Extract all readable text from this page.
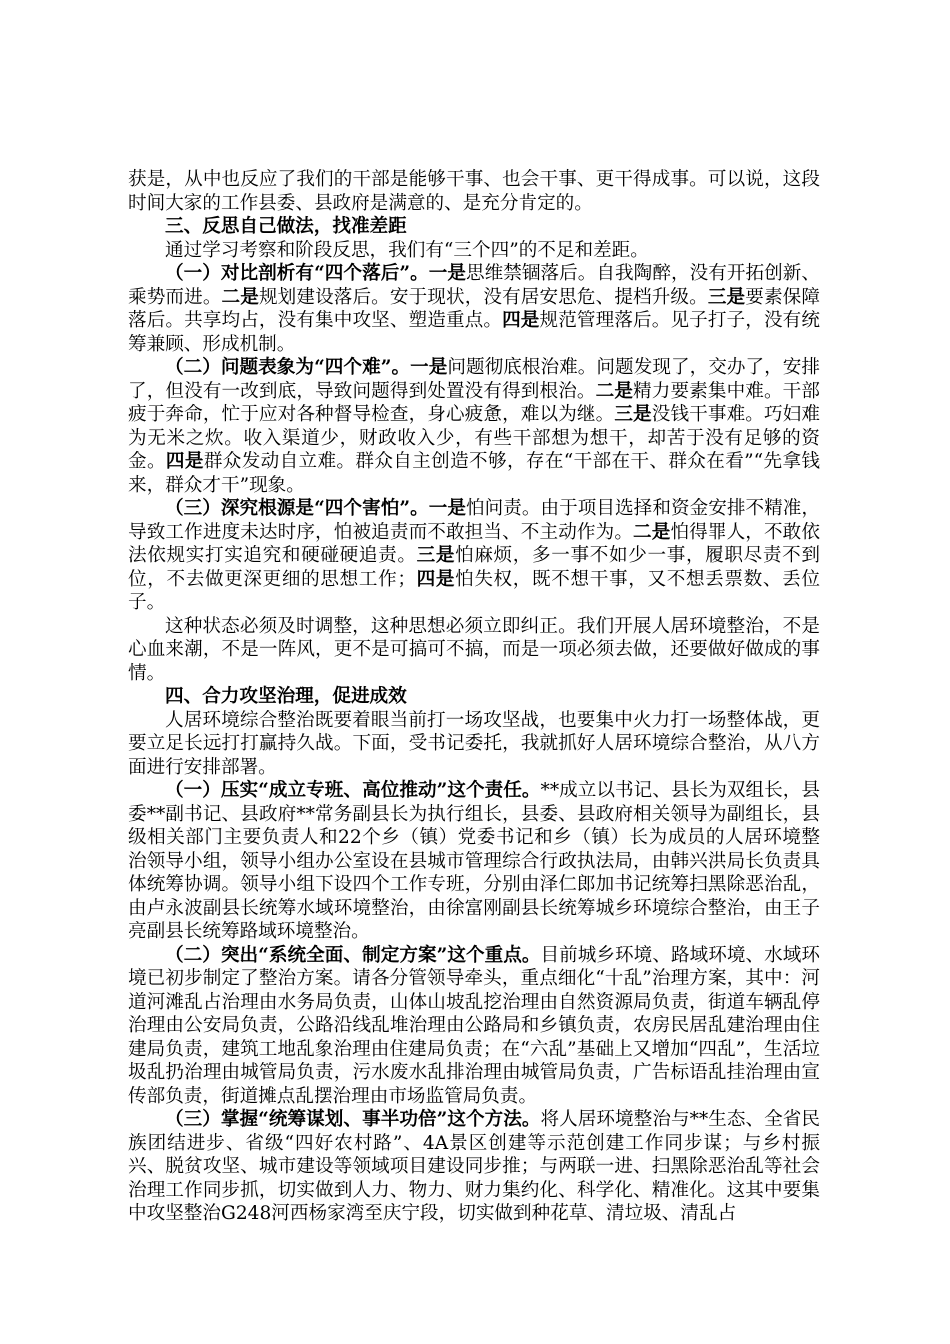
获是，从中也反应了我们的干部是能够干事、也会干事、更干得成事。可以说，这段时间大家的工作县委、县政府是满意的、是充分肯定的。

三、反思自己做法，找准差距

通过学习考察和阶段反思，我们有“三个四”的不足和差距。

（一）对比剖析有“四个落后”。一是思维禁锢落后。自我陶醉，没有开拓创新、乘势而进。二是规划建设落后。安于现状，没有居安思危、提档升级。三是要素保障落后。共享均占，没有集中攻坚、塑造重点。四是规范管理落后。见子打子，没有统筹兼顾、形成机制。

（二）问题表象为“四个难”。一是问题彻底根治难。问题发现了，交办了，安排了，但没有一改到底，导致问题得到处置没有得到根治。二是精力要素集中难。干部疲于奔命，忙于应对各种督导检查，身心疲惫，难以为继。三是没钱干事难。巧妇难为无米之炊。收入渠道少，财政收入少，有些干部想为想干，却苦于没有足够的资金。四是群众发动自立难。群众自主创造不够，存在“干部在干、群众在看”“先拿钱来，群众才干”现象。

（三）深究根源是“四个害怕”。一是怕问责。由于项目选择和资金安排不精准，导致工作进度未达时序，怕被追责而不敢担当、不主动作为。二是怕得罪人，不敢依法依规实打实追究和硬碰硬追责。三是怕麻烦，多一事不如少一事，履职尽责不到位，不去做更深更细的思想工作；四是怕失权，既不想干事，又不想丢票数、丢位子。

这种状态必须及时调整，这种思想必须立即纠正。我们开展人居环境整治，不是心血来潮，不是一阵风，更不是可搞可不搞，而是一项必须去做，还要做好做成的事情。

四、合力攻坚治理，促进成效

人居环境综合整治既要着眼当前打一场攻坚战，也要集中火力打一场整体战，更要立足长远打打赢持久战。下面，受书记委托，我就抓好人居环境综合整治，从八方面进行安排部署。

（一）压实“成立专班、高位推动”这个责任。**成立以书记、县长为双组长，县委**副书记、县政府**常务副县长为执行组长，县委、县政府相关领导为副组长，县级相关部门主要负责人和22个乡（镇）党委书记和乡（镇）长为成员的人居环境整治领导小组，领导小组办公室设在县城市管理综合行政执法局，由韩兴洪局长负责具体统筹协调。领导小组下设四个工作专班，分别由泽仁郎加书记统筹扫黑除恶治乱，由卢永波副县长统筹水域环境整治，由徐富刚副县长统筹城乡环境综合整治，由王子亮副县长统筹路域环境整治。

（二）突出“系统全面、制定方案”这个重点。目前城乡环境、路域环境、水域环境已初步制定了整治方案。请各分管领导牵头，重点细化“十乱”治理方案，其中：河道河滩乱占治理由水务局负责，山体山坡乱挖治理由自然资源局负责，街道车辆乱停治理由公安局负责，公路沿线乱堆治理由公路局和乡镇负责，农房民居乱建治理由住建局负责，建筑工地乱象治理由住建局负责；在“六乱”基础上又增加“四乱”，生活垃圾乱扔治理由城管局负责，污水废水乱排治理由城管局负责，广告标语乱挂治理由宣传部负责，街道摊点乱摆治理由市场监管局负责。

（三）掌握“统筹谋划、事半功倍”这个方法。将人居环境整治与**生态、全省民族团结进步、省级“四好农村路”、4A景区创建等示范创建工作同步谋；与乡村振兴、脱贫攻坚、城市建设等领域项目建设同步推；与两联一进、扫黑除恶治乱等社会治理工作同步抓，切实做到人力、物力、财力集约化、科学化、精准化。这其中要集中攻坚整治G248河西杨家湾至庆宁段，切实做到种花草、清垃圾、清乱占
